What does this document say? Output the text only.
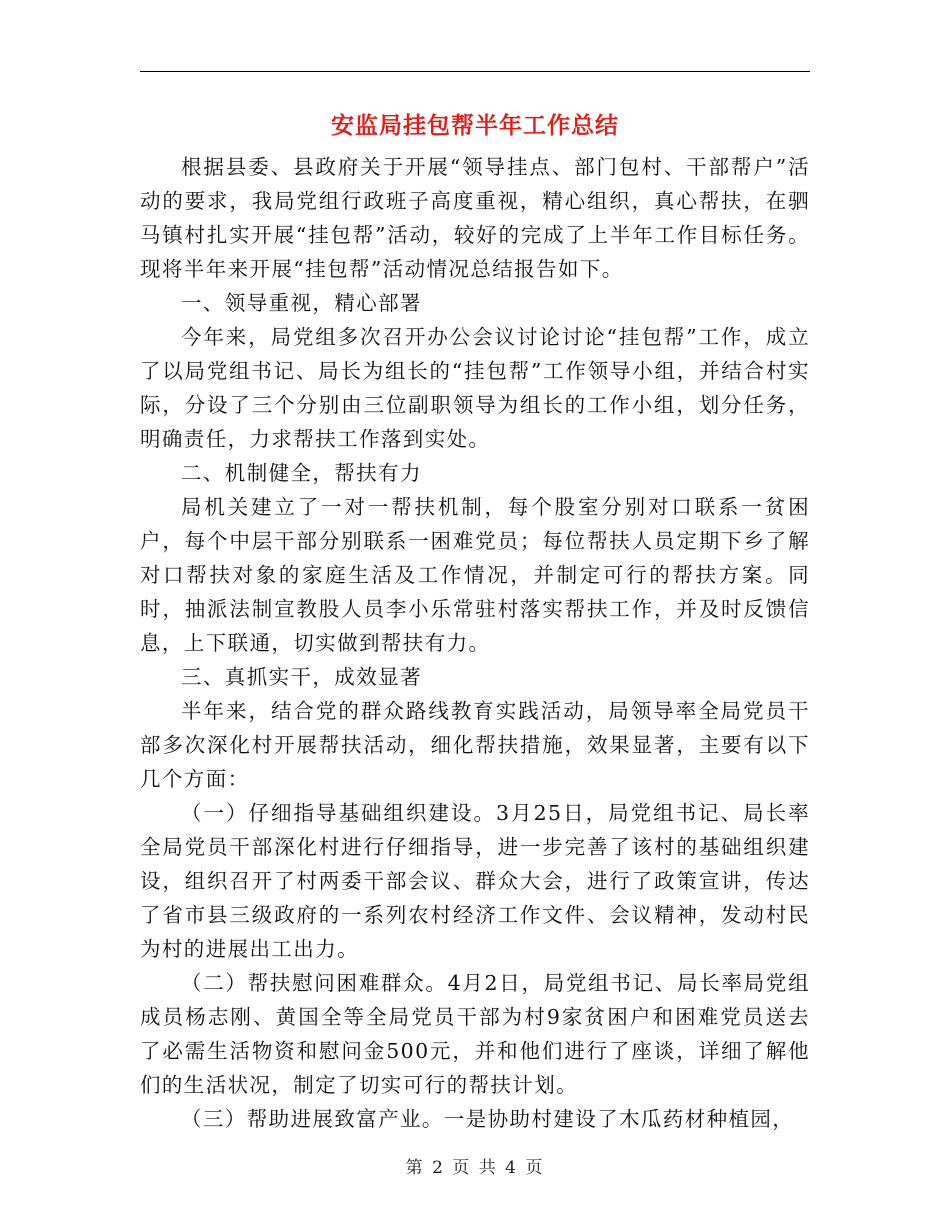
安监局挂包帮半年工作总结

根据县委、县政府关于开展“领导挂点、部门包村、干部帮户”活动的要求，我局党组行政班子高度重视，精心组织，真心帮扶，在驷马镇村扎实开展“挂包帮”活动，较好的完成了上半年工作目标任务。现将半年来开展“挂包帮”活动情况总结报告如下。

一、领导重视，精心部署

今年来，局党组多次召开办公会议讨论讨论“挂包帮”工作，成立了以局党组书记、局长为组长的“挂包帮”工作领导小组，并结合村实际，分设了三个分别由三位副职领导为组长的工作小组，划分任务，明确责任，力求帮扶工作落到实处。

二、机制健全，帮扶有力

局机关建立了一对一帮扶机制，每个股室分别对口联系一贫困户，每个中层干部分别联系一困难党员；每位帮扶人员定期下乡了解对口帮扶对象的家庭生活及工作情况，并制定可行的帮扶方案。同时，抽派法制宣教股人员李小乐常驻村落实帮扶工作，并及时反馈信息，上下联通，切实做到帮扶有力。

三、真抓实干，成效显著

半年来，结合党的群众路线教育实践活动，局领导率全局党员干部多次深化村开展帮扶活动，细化帮扶措施，效果显著，主要有以下几个方面：

（一）仔细指导基础组织建设。3月25日，局党组书记、局长率全局党员干部深化村进行仔细指导，进一步完善了该村的基础组织建设，组织召开了村两委干部会议、群众大会，进行了政策宣讲，传达了省市县三级政府的一系列农村经济工作文件、会议精神，发动村民为村的进展出工出力。

（二）帮扶慰问困难群众。4月2日，局党组书记、局长率局党组成员杨志刚、黄国全等全局党员干部为村9家贫困户和困难党员送去了必需生活物资和慰问金500元，并和他们进行了座谈，详细了解他们的生活状况，制定了切实可行的帮扶计划。

（三）帮助进展致富产业。一是协助村建设了木瓜药材种植园，

第 2 页 共 4 页
